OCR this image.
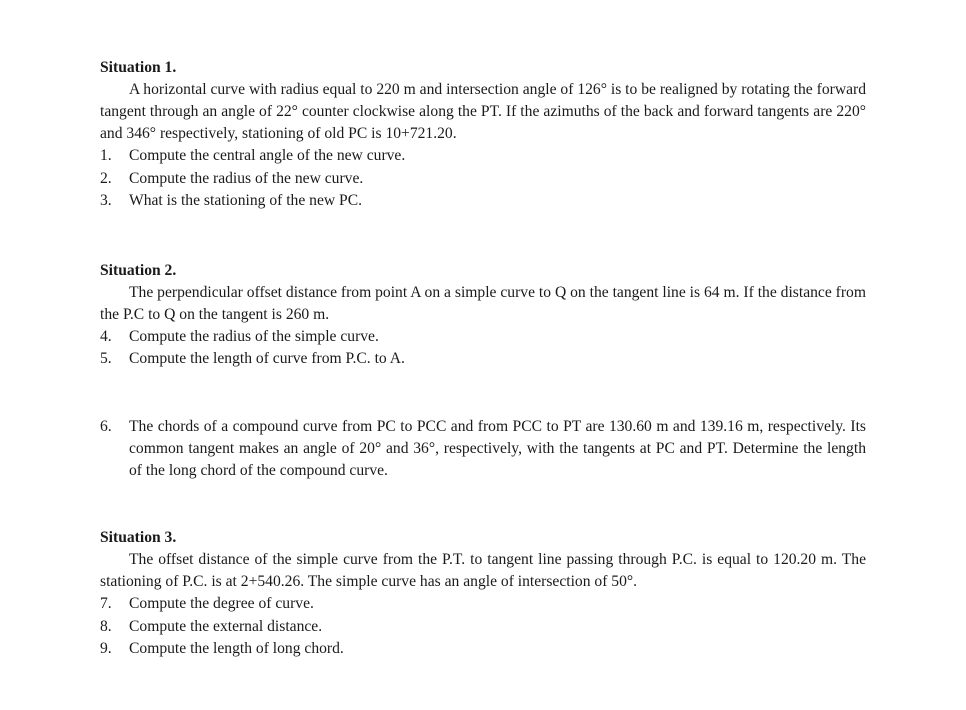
Situation 1.

A horizontal curve with radius equal to 220 m and intersection angle of 126° is to be realigned by rotating the forward tangent through an angle of 22° counter clockwise along the PT. If the azimuths of the back and forward tangents are 220° and 346° respectively, stationing of old PC is 10+721.20.

1. Compute the central angle of the new curve.
2. Compute the radius of the new curve.
3. What is the stationing of the new PC.

Situation 2.

The perpendicular offset distance from point A on a simple curve to Q on the tangent line is 64 m. If the distance from the P.C to Q on the tangent is 260 m.

4. Compute the radius of the simple curve.
5. Compute the length of curve from P.C. to A.
6. The chords of a compound curve from PC to PCC and from PCC to PT are 130.60 m and 139.16 m, respectively. Its common tangent makes an angle of 20° and 36°, respectively, with the tangents at PC and PT. Determine the length of the long chord of the compound curve.

Situation 3.

The offset distance of the simple curve from the P.T. to tangent line passing through P.C. is equal to 120.20 m. The stationing of P.C. is at 2+540.26. The simple curve has an angle of intersection of 50°.

7. Compute the degree of curve.
8. Compute the external distance.
9. Compute the length of long chord.
